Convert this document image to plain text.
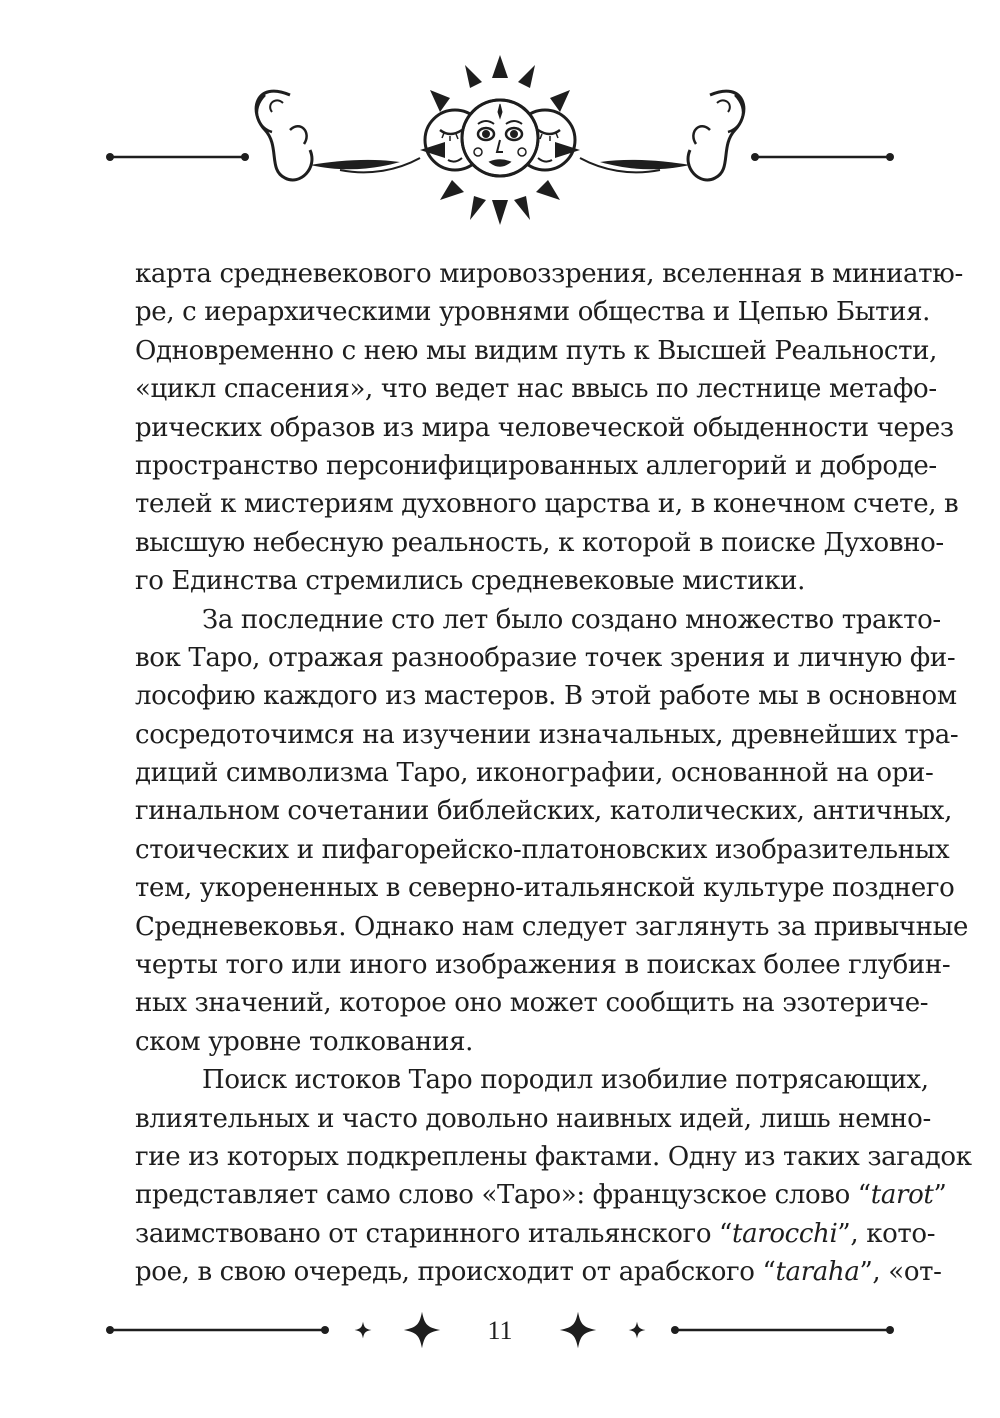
карта средневекового мировоззрения, вселенная в миниатю-
ре, с иерархическими уровнями общества и Цепью Бытия.
Одновременно с нею мы видим путь к Высшей Реальности,
«цикл спасения», что ведет нас ввысь по лестнице метафо-
рических образов из мира человеческой обыденности через
пространство персонифицированных аллегорий и доброде-
телей к мистериям духовного царства и, в конечном счете, в
высшую небесную реальность, к которой в поиске Духовно-
го Единства стремились средневековые мистики.
За последние сто лет было создано множество тракто-
вок Таро, отражая разнообразие точек зрения и личную фи-
лософию каждого из мастеров. В этой работе мы в основном
сосредоточимся на изучении изначальных, древнейших тра-
диций символизма Таро, иконографии, основанной на ори-
гинальном сочетании библейских, католических, античных,
стоических и пифагорейско-платоновских изобразительных
тем, укорененных в северно-итальянской культуре позднего
Средневековья. Однако нам следует заглянуть за привычные
черты того или иного изображения в поисках более глубин-
ных значений, которое оно может сообщить на эзотериче-
ском уровне толкования.
Поиск истоков Таро породил изобилие потрясающих,
влиятельных и часто довольно наивных идей, лишь немно-
гие из которых подкреплены фактами. Одну из таких загадок
представляет само слово «Таро»: французское слово “tarot”
заимствовано от старинного итальянского “tarocchi”, кото-
рое, в свою очередь, происходит от арабского “taraha”, «от-
11
